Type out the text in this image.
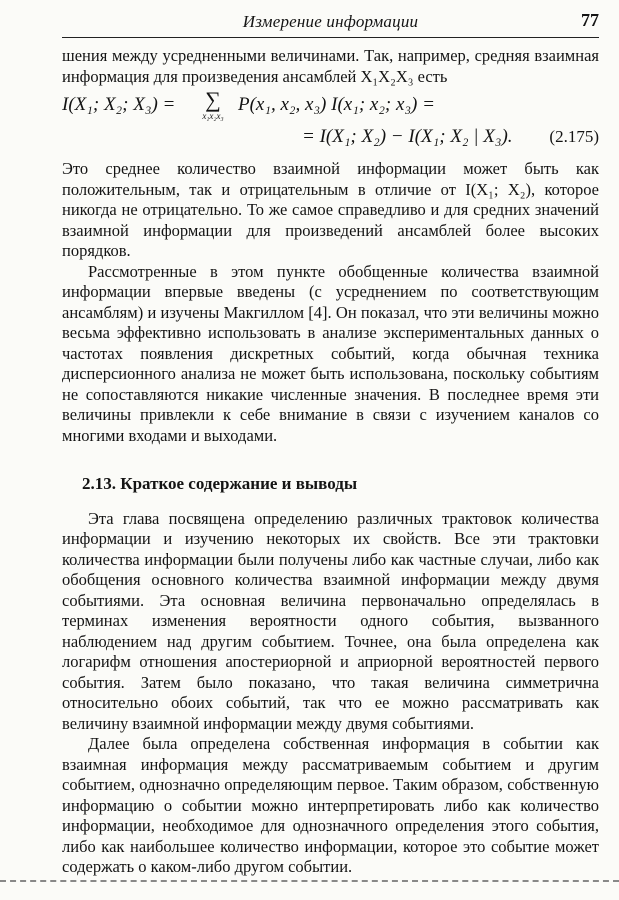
Измерение информации	77

шения между усредненными величинами. Так, например, средняя взаимная информация для произведения ансамблей X₁X₂X₃ есть

I(X₁; X₂; X₃) =	∑
x₁x₂x₃
P(x₁, x₂, x₃) I(x₁; x₂; x₃) =
= I(X₁; X₂) − I(X₁; X₂ | X₃). (2.175)

Это среднее количество взаимной информации может быть как положительным, так и отрицательным в отличие от I(X₁; X₂), которое никогда не отрицательно. То же самое справедливо и для средних значений взаимной информации для произведений ансамблей более высоких порядков.

Рассмотренные в этом пункте обобщенные количества взаимной информации впервые введены (с усреднением по соответствующим ансамблям) и изучены Макгиллом [4]. Он показал, что эти величины можно весьма эффективно использовать в анализе экспериментальных данных о частотах появления дискретных событий, когда обычная техника дисперсионного анализа не может быть использована, поскольку событиям не сопоставляются никакие численные значения. В последнее время эти величины привлекли к себе внимание в связи с изучением каналов со многими входами и выходами.

2.13. Краткое содержание и выводы

Эта глава посвящена определению различных трактовок количества информации и изучению некоторых их свойств. Все эти трактовки количества информации были получены либо как частные случаи, либо как обобщения основного количества взаимной информации между двумя событиями. Эта основная величина первоначально определялась в терминах изменения вероятности одного события, вызванного наблюдением над другим событием. Точнее, она была определена как логарифм отношения апостериорной и априорной вероятностей первого события. Затем было показано, что такая величина симметрична относительно обоих событий, так что ее можно рассматривать как величину взаимной информации между двумя событиями.

Далее была определена собственная информация в событии как взаимная информация между рассматриваемым событием и другим событием, однозначно определяющим первое. Таким образом, собственную информацию о событии можно интерпретировать либо как количество информации, необходимое для однозначного определения этого события, либо как наибольшее количество информации, которое это событие может содержать о каком-либо другом событии.
